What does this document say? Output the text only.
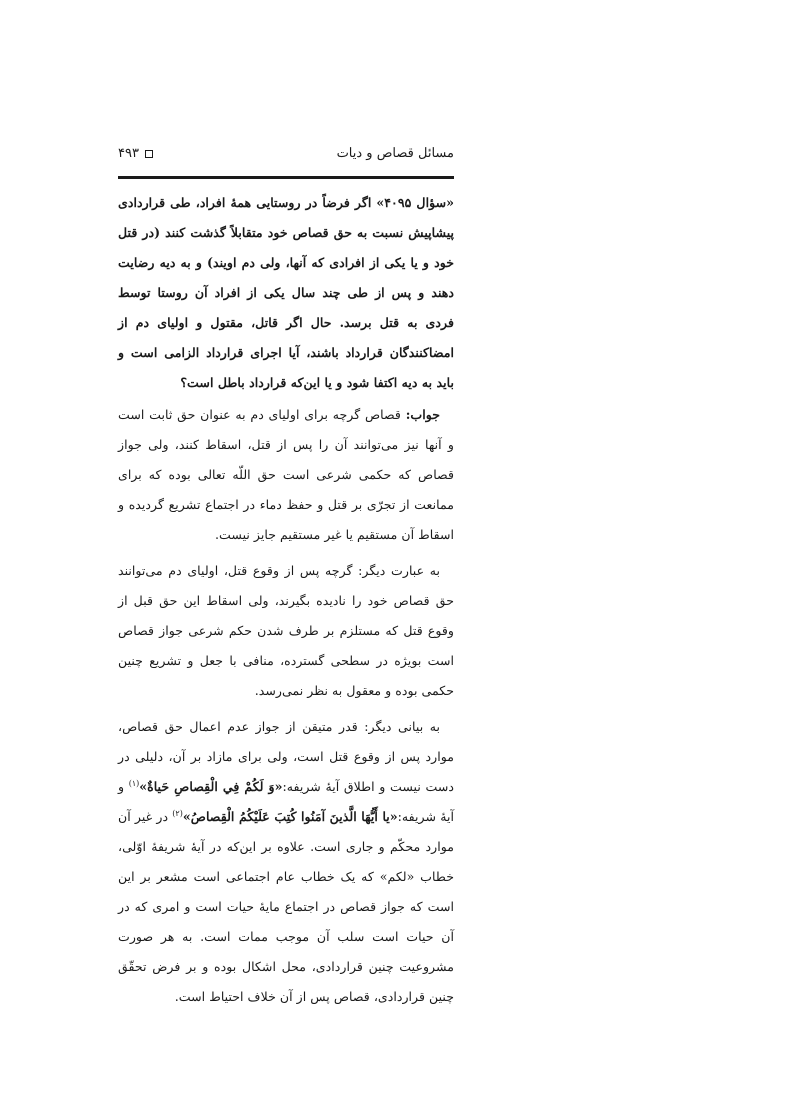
مسائل قصاص و دیات
۴۹۳
«سؤال ۴۰۹۵» اگر فرضاً در روستایی همهٔ افراد، طی قراردادی پیشاپیش نسبت به حق قصاص خود متقابلاً گذشت کنند (در قتل خود و یا یکی از افرادی که آنها، ولی دم اویند) و به دیه رضایت دهند و پس از طی چند سال یکی از افراد آن روستا توسط فردی به قتل برسد. حال اگر قاتل، مقتول و اولیای دم از امضاکنندگان قرارداد باشند، آیا اجرای قرارداد الزامی است و باید به دیه اکتفا شود و یا این‌که قرارداد باطل است؟

جواب: قصاص گرچه برای اولیای دم به عنوان حق ثابت است و آنها نیز می‌توانند آن را پس از قتل، اسقاط کنند، ولی جواز قصاص که حکمی شرعی است حق اللّه تعالی بوده که برای ممانعت از تجرّی بر قتل و حفظ دماء در اجتماع تشریع گردیده و اسقاط آن مستقیم یا غیر مستقیم جایز نیست.

به عبارت دیگر: گرچه پس از وقوع قتل، اولیای دم می‌توانند حق قصاص خود را نادیده بگیرند، ولی اسقاط این حق قبل از وقوع قتل که مستلزم بر طرف شدن حکم شرعی جواز قصاص است بویژه در سطحی گسترده، منافی با جعل و تشریع چنین حکمی بوده و معقول به نظر نمی‌رسد.

به بیانی دیگر: قدر متیقن از جواز عدم اعمال حق قصاص، موارد پس از وقوع قتل است، ولی برای مازاد بر آن، دلیلی در دست نیست و اطلاق آیهٔ شریفه:«وَ لَكُمْ فِي الْقِصاصِ حَياةٌ»$^{(۱)}$ و آیهٔ شریفه:«يا أَيُّهَا الَّذينَ آمَنُوا كُتِبَ عَلَيْكُمُ الْقِصاصُ»$^{(۲)}$ در غیر آن موارد محکّم و جاری است. علاوه بر این‌که در آیهٔ شریفهٔ اوّلی، خطاب «لکم» که یک خطاب عام اجتماعی است مشعر بر این است که جواز قصاص در اجتماع مایهٔ حیات است و امری که در آن حیات است سلب آن موجب ممات است. به هر صورت مشروعیت چنین قراردادی، محل اشکال بوده و بر فرض تحقّق چنین قراردادی، قصاص پس از آن خلاف احتیاط است.
